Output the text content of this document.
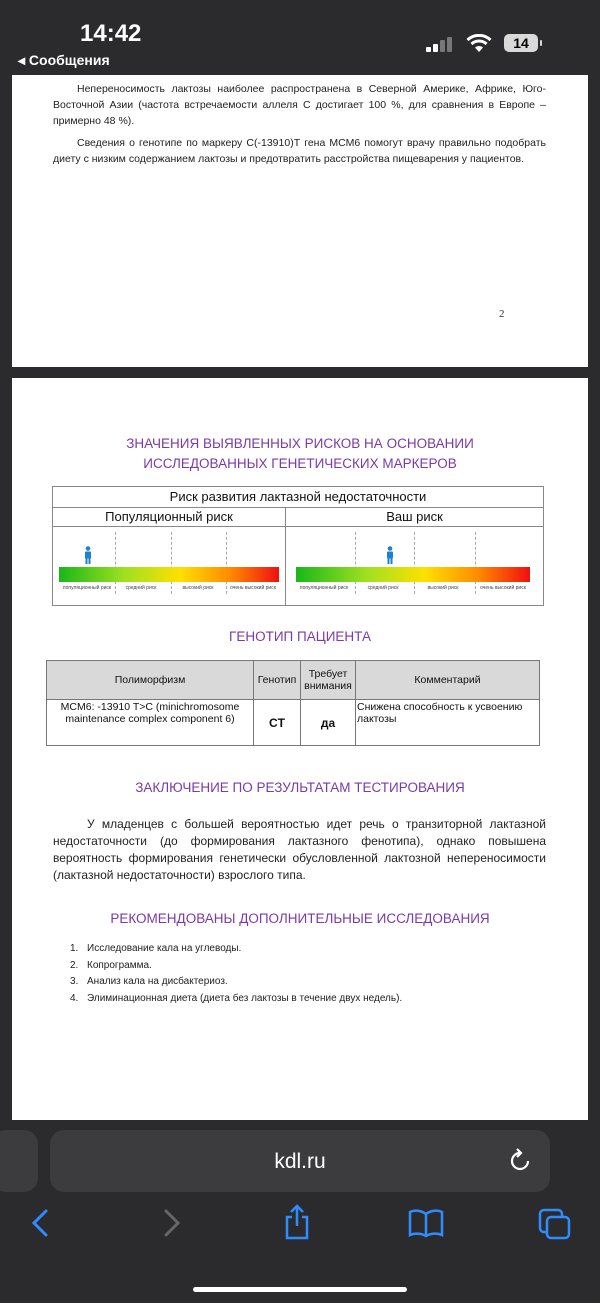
14:42
◂ Сообщения
14
Непереносимость лактозы наиболее распространена в Северной Америке, Африке, Юго-Восточной Азии (частота встречаемости аллеля С достигает 100 %, для сравнения в Европе – примерно 48 %).
Сведения о генотипе по маркеру С(-13910)Т гена МСМ6 помогут врачу правильно подобрать диету с низким содержанием лактозы и предотвратить расстройства пищеварения у пациентов.
2
ЗНАЧЕНИЯ ВЫЯВЛЕННЫХ РИСКОВ НА ОСНОВАНИИ ИССЛЕДОВАННЫХ ГЕНЕТИЧЕСКИХ МАРКЕРОВ
Риск развития лактазной недостаточности
Популяционный риск
популяционный риск	средний риск	высокий риск	очень высокий риск
Ваш риск
популяционный риск	средний риск	высокий риск	очень высокий риск
ГЕНОТИП ПАЦИЕНТА
Полиморфизм	Генотип	Требует внимания	Комментарий
MCM6: -13910 T>C (minichromosome maintenance complex component 6)	CT	да	Снижена способность к усвоению лактозы
ЗАКЛЮЧЕНИЕ ПО РЕЗУЛЬТАТАМ ТЕСТИРОВАНИЯ
У младенцев с большей вероятностью идет речь о транзиторной лактазной недостаточности (до формирования лактазного фенотипа), однако повышена вероятность формирования генетически обусловленной лактозной непереносимости (лактазной недостаточности) взрослого типа.
РЕКОМЕНДОВАНЫ ДОПОЛНИТЕЛЬНЫЕ ИССЛЕДОВАНИЯ
1. Исследование кала на углеводы.
2. Копрограмма.
3. Анализ кала на дисбактериоз.
4. Элиминационная диета (диета без лактозы в течение двух недель).
kdl.ru
